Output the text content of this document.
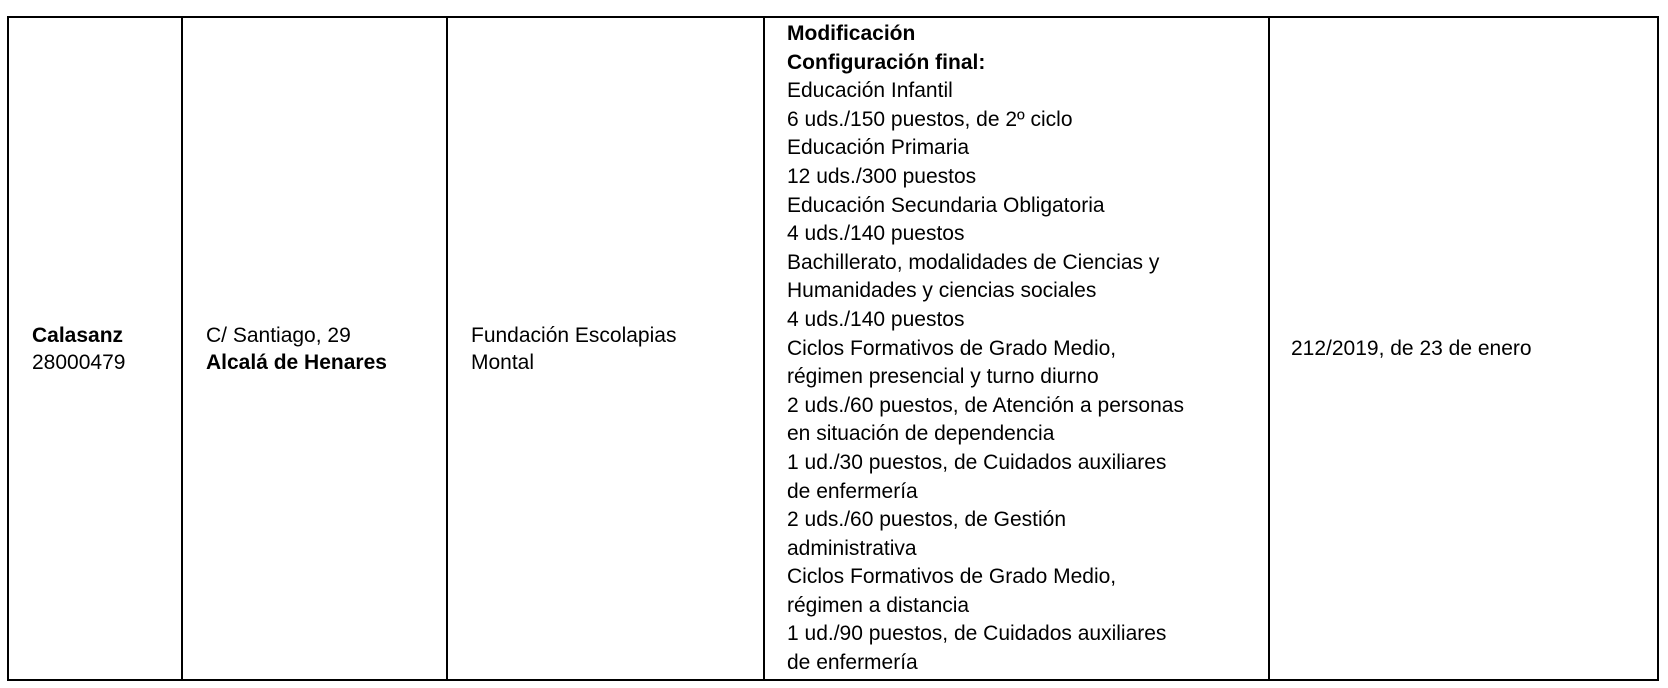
Calasanz
28000479

C/ Santiago, 29
Alcalá de Henares

Fundación Escolapias
Montal

Modificación
Configuración final:
Educación Infantil
6 uds./150 puestos, de 2º ciclo
Educación Primaria
12 uds./300 puestos
Educación Secundaria Obligatoria
4 uds./140 puestos
Bachillerato, modalidades de Ciencias y
Humanidades y ciencias sociales
4 uds./140 puestos
Ciclos Formativos de Grado Medio,
régimen presencial y turno diurno
2 uds./60 puestos, de Atención a personas
en situación de dependencia
1 ud./30 puestos, de Cuidados auxiliares
de enfermería
2 uds./60 puestos, de Gestión
administrativa
Ciclos Formativos de Grado Medio,
régimen a distancia
1 ud./90 puestos, de Cuidados auxiliares
de enfermería

212/2019, de 23 de enero
